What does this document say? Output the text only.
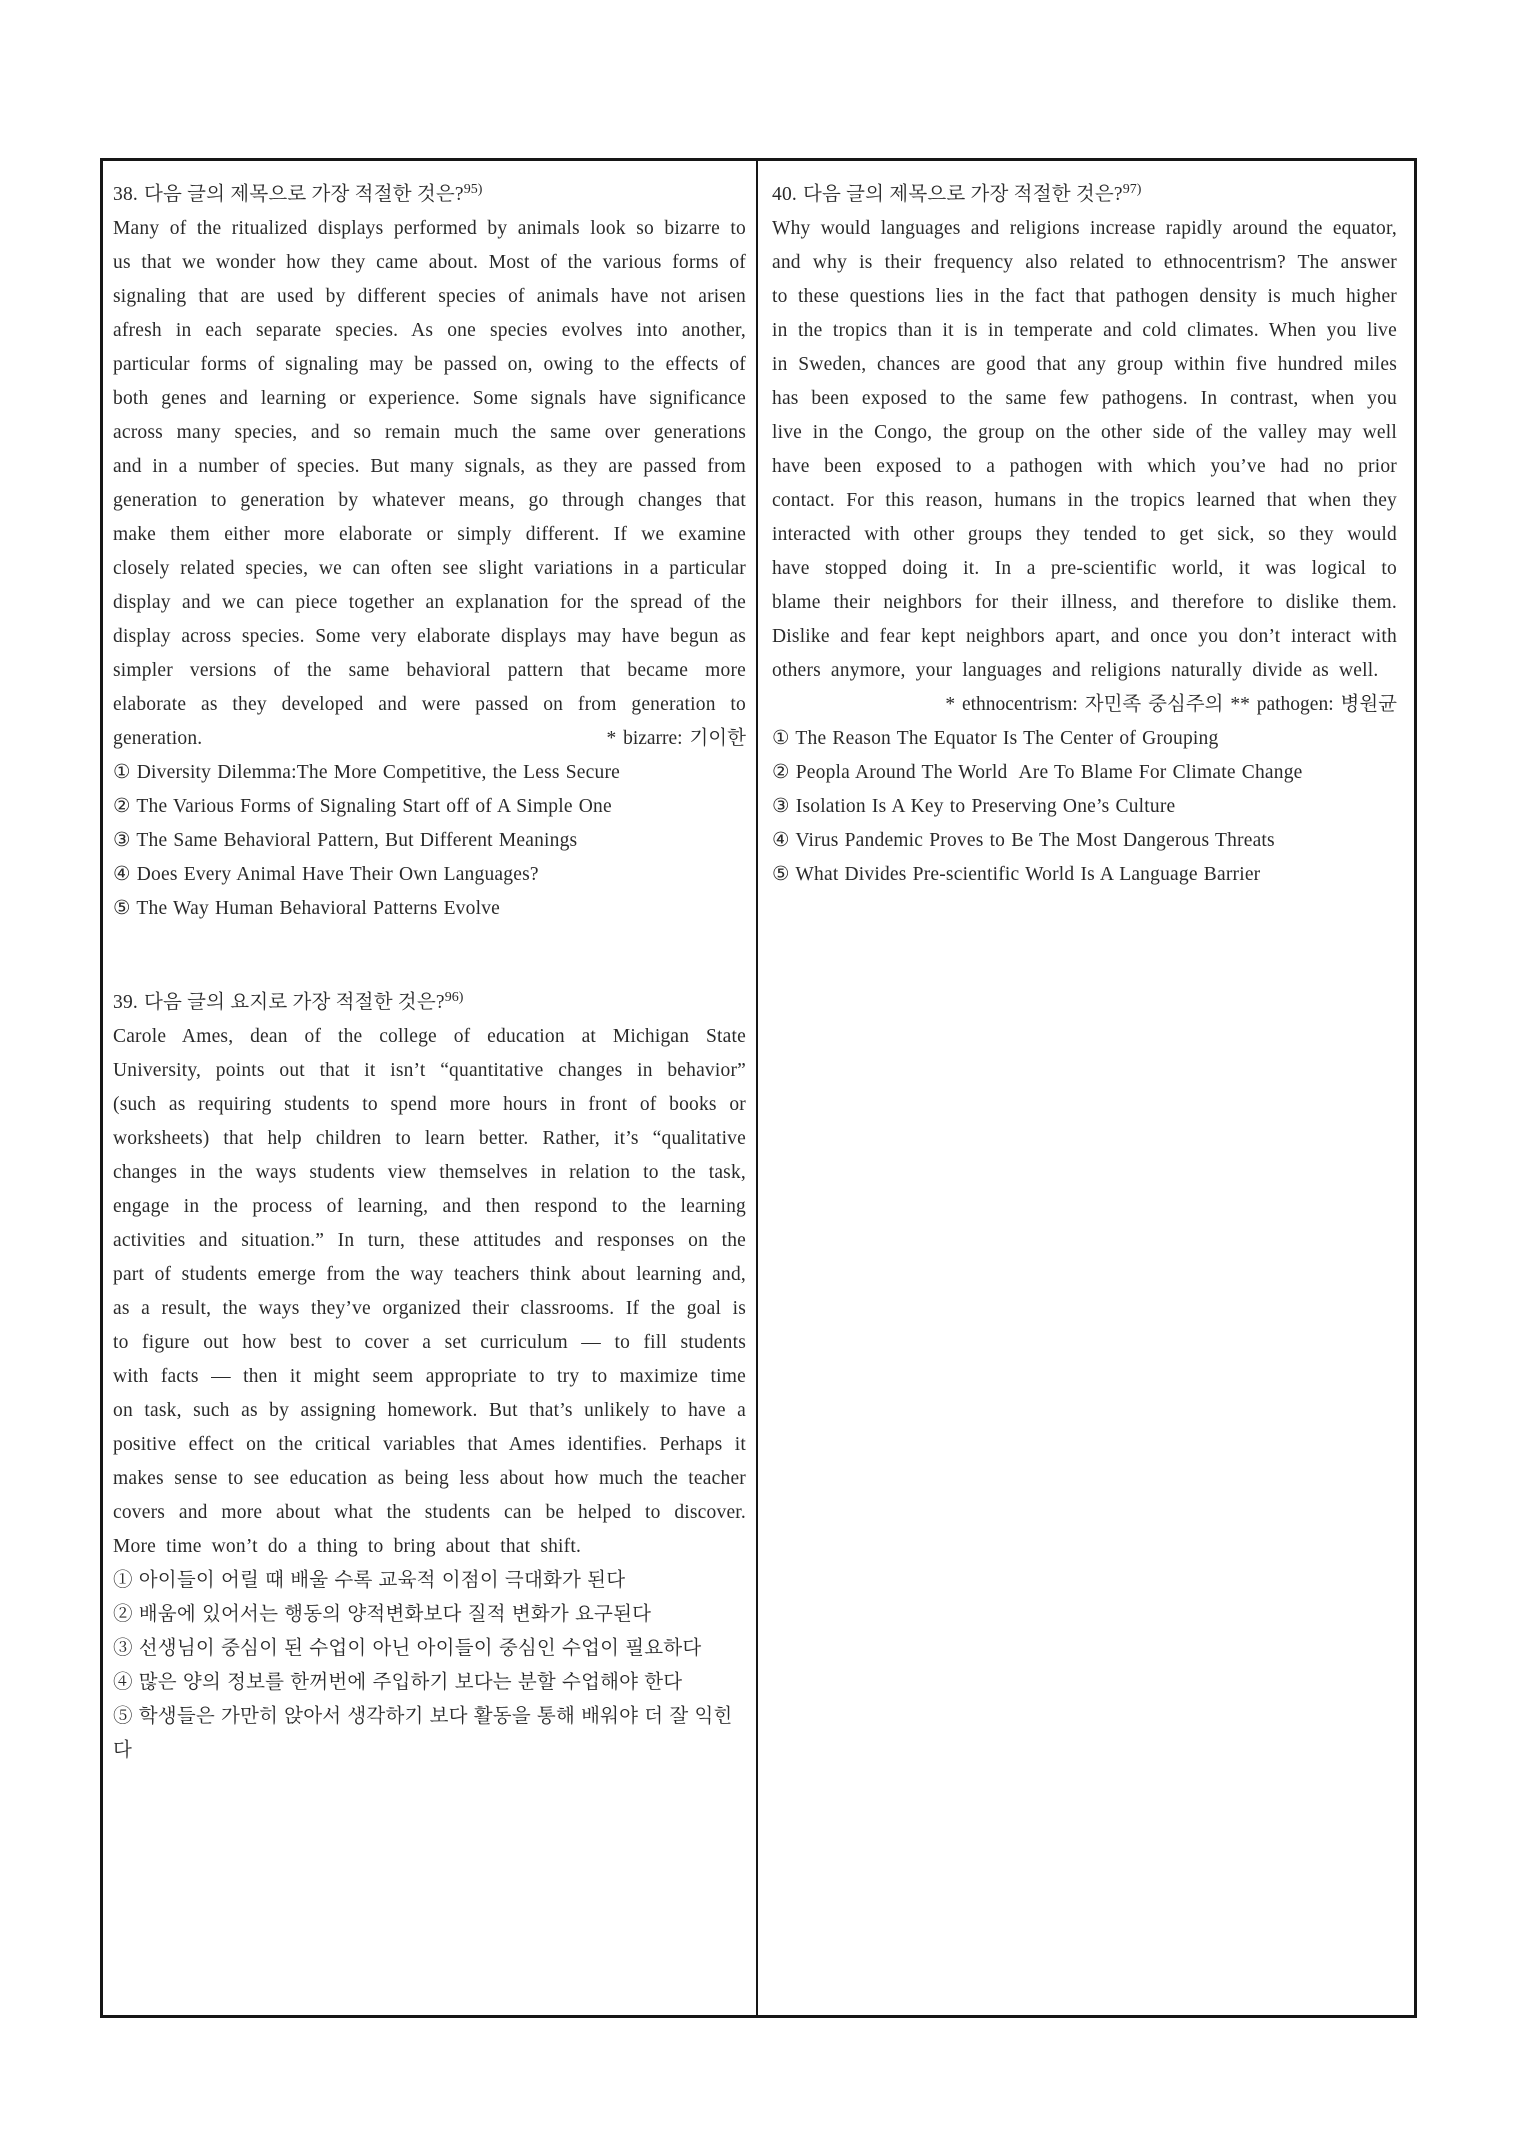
38. 다음 글의 제목으로 가장 적절한 것은?$^{95)}$

Many of the ritualized displays performed by animals look so bizarre to us that we wonder how they came about. Most of the various forms of signaling that are used by different species of animals have not arisen afresh in each separate species. As one species evolves into another, particular forms of signaling may be passed on, owing to the effects of both genes and learning or experience. Some signals have significance across many species, and so remain much the same over generations and in a number of species. But many signals, as they are passed from generation to generation by whatever means, go through changes that make them either more elaborate or simply different. If we examine closely related species, we can often see slight variations in a particular display and we can piece together an explanation for the spread of the display across species. Some very elaborate displays may have begun as simpler versions of the same behavioral pattern that became more elaborate as they developed and were passed on from generation to generation.	* bizarre: 기이한
① Diversity Dilemma:The More Competitive, the Less Secure
② The Various Forms of Signaling Start off of A Simple One
③ The Same Behavioral Pattern, But Different Meanings
④ Does Every Animal Have Their Own Languages?
⑤ The Way Human Behavioral Patterns Evolve
39. 다음 글의 요지로 가장 적절한 것은?$^{96)}$

Carole Ames, dean of the college of education at Michigan State University, points out that it isn’t “quantitative changes in behavior” (such as requiring students to spend more hours in front of books or worksheets) that help children to learn better. Rather, it’s “qualitative changes in the ways students view themselves in relation to the task, engage in the process of learning, and then respond to the learning activities and situation.” In turn, these attitudes and responses on the part of students emerge from the way teachers think about learning and, as a result, the ways they’ve organized their classrooms. If the goal is to figure out how best to cover a set curriculum — to fill students with facts — then it might seem appropriate to try to maximize time on task, such as by assigning homework. But that’s unlikely to have a positive effect on the critical variables that Ames identifies. Perhaps it makes sense to see education as being less about how much the teacher covers and more about what the students can be helped to discover. More time won’t do a thing to bring about that shift.

① 아이들이 어릴 때 배울 수록 교육적 이점이 극대화가 된다
② 배움에 있어서는 행동의 양적변화보다 질적 변화가 요구된다
③ 선생님이 중심이 된 수업이 아닌 아이들이 중심인 수업이 필요하다
④ 많은 양의 정보를 한꺼번에 주입하기 보다는 분할 수업해야 한다
⑤ 학생들은 가만히 앉아서 생각하기 보다 활동을 통해 배워야 더 잘 익힌다
40. 다음 글의 제목으로 가장 적절한 것은?$^{97)}$

Why would languages and religions increase rapidly around the equator, and why is their frequency also related to ethnocentrism? The answer to these questions lies in the fact that pathogen density is much higher in the tropics than it is in temperate and cold climates. When you live in Sweden, chances are good that any group within five hundred miles has been exposed to the same few pathogens. In contrast, when you live in the Congo, the group on the other side of the valley may well have been exposed to a pathogen with which you’ve had no prior contact. For this reason, humans in the tropics learned that when they interacted with other groups they tended to get sick, so they would have stopped doing it. In a pre-scientific world, it was logical to blame their neighbors for their illness, and therefore to dislike them. Dislike and fear kept neighbors apart, and once you don’t interact with others anymore, your languages and religions naturally divide as well.

* ethnocentrism: 자민족 중심주의 ** pathogen: 병원균
① The Reason The Equator Is The Center of Grouping
② Peopla Around The World  Are To Blame For Climate Change
③ Isolation Is A Key to Preserving One’s Culture
④ Virus Pandemic Proves to Be The Most Dangerous Threats
⑤ What Divides Pre-scientific World Is A Language Barrier
